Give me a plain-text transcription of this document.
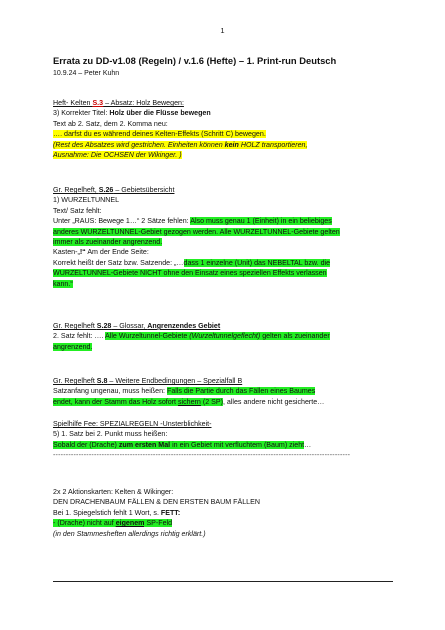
1
Errata zu DD-v1.08 (Regeln) / v.1.6 (Hefte) – 1. Print-run Deutsch
10.9.24 – Peter Kuhn
Heft- Kelten S.3 – Absatz: Holz Bewegen:
3) Korrekter Titel: Holz über die Flüsse bewegen
Text ab 2. Satz, dem 2. Komma neu:
…. darfst du es während deines Kelten-Effekts (Schritt C) bewegen.
(Rest des Absatzes wird gestrichen. Einheiten können kein HOLZ transportieren,
Ausnahme: Die OCHSEN der Wikinger. )
Gr. Regelheft, S.26 – Gebietsübersicht
1) WURZELTUNNEL
Text/ Satz fehlt:
Unter „RAUS: Bewege 1…“ 2 Sätze fehlen: Also muss genau 1 (Einheit) in ein beliebiges
anderes WURZELTUNNEL-Gebiet gezogen werden. Alle WURZELTUNNEL-Gebiete gelten
immer als zueinander angrenzend.
Kasten-„!“ Am der Ende Seite:
Korrekt heißt der Satz bzw. Satzende: „…dass 1 einzelne (Unit) das NEBELTAL bzw. die
WURZELTUNNEL-Gebiete NICHT ohne den Einsatz eines speziellen Effekts verlassen
kann.“
Gr. Regelheft S.28 – Glossar, Angrenzendes Gebiet
2. Satz fehlt: …. Alle Wurzeltunnel-Gebiete (Wurzeltunnelgeflecht) gelten als zueinander
angrenzend.
Gr. Regelheft S.8 – Weitere Endbedingungen – Spezialfall B
Satzanfang ungenau, muss heißen: Falls die Partie durch das Fällen eines Baumes
endet, kann der Stamm das Holz sofort sichern (2 SP), alles andere nicht gesicherte…
Spielhilfe Fee: SPEZIALREGELN -Unsterblichkeit-
5) 1. Satz bei 2. Punkt muss heißen:
Sobald der (Drache) zum ersten Mal in ein Gebiet mit verfluchtem (Baum) zieht…
--------------------------------------------------------------------------------------------------------------------
2x 2 Aktionskarten: Kelten & Wikinger:
DEN DRACHENBAUM FÄLLEN & DEN ERSTEN BAUM FÄLLEN
Bei 1. Spiegelstich fehlt 1 Wort, s. FETT:
- (Drache) nicht auf eigenem SP-Feld
(in den Stammesheften allerdings richtig erklärt.)
